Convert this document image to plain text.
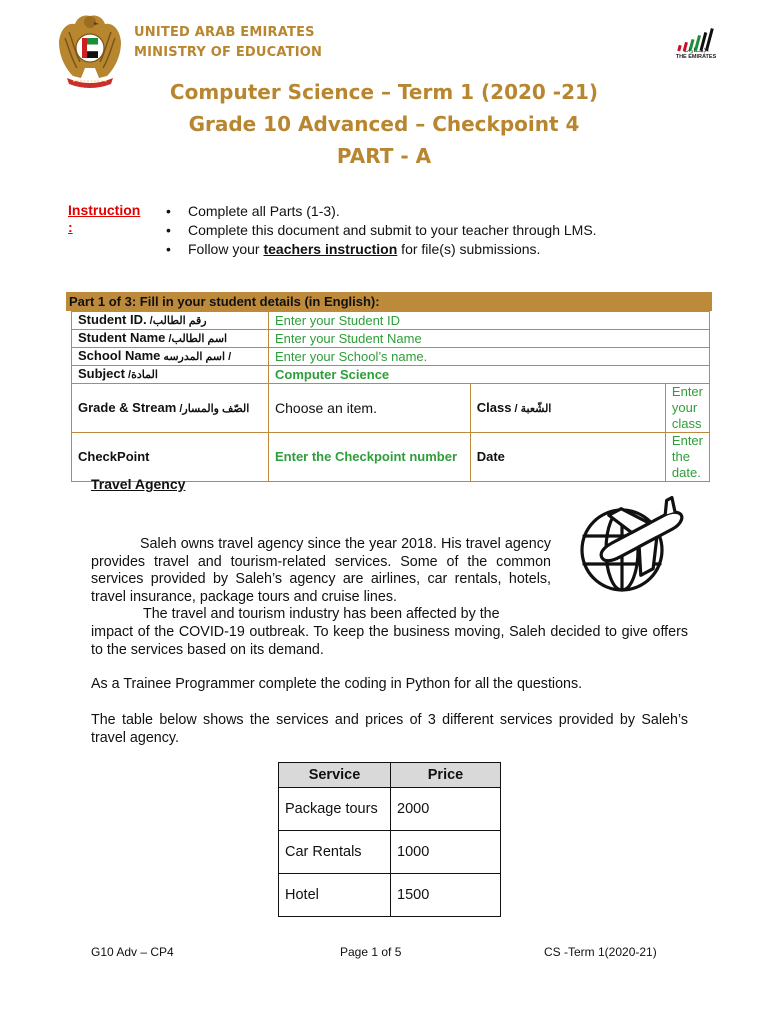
UNITED ARAB EMIRATES
MINISTRY OF EDUCATION	الإمـــارات
THE EMIRATES
Computer Science – Term 1 (2020 -21)
Grade 10 Advanced – Checkpoint 4
PART - A
Instruction
:
• Complete all Parts (1-3).
• Complete this document and submit to your teacher through LMS.
• Follow your teachers instruction for file(s) submissions.
Part 1 of 3: Fill in your student details (in English):
Student ID. /رقم الطالب	Enter your Student ID		
Student Name /اسم الطالب	Enter your Student Name		
School Name اسم المدرسه /	Enter your School’s name.		
Subject /المادة	Computer Science		
Grade & Stream /الصّف والمسار	Choose an item.	Class / الشّعبة	Enter your class
CheckPoint	Enter the Checkpoint number	Date	Enter the date.
Travel Agency
Saleh owns travel agency since the year 2018. His travel agency provides travel and tourism-related services. Some of the common services provided by Saleh’s agency are airlines, car rentals, hotels, travel insurance, package tours and cruise lines.
The travel and tourism industry has been affected by the
impact of the COVID-19 outbreak. To keep the business moving, Saleh decided to give offers to the services based on its demand.
As a Trainee Programmer complete the coding in Python for all the questions.
The table below shows the services and prices of 3 different services provided by Saleh’s travel agency.
Service	Price
Package tours	2000
Car Rentals	1000
Hotel	1500
G10 Adv – CP4	Page 1 of 5	CS -Term 1(2020-21)
